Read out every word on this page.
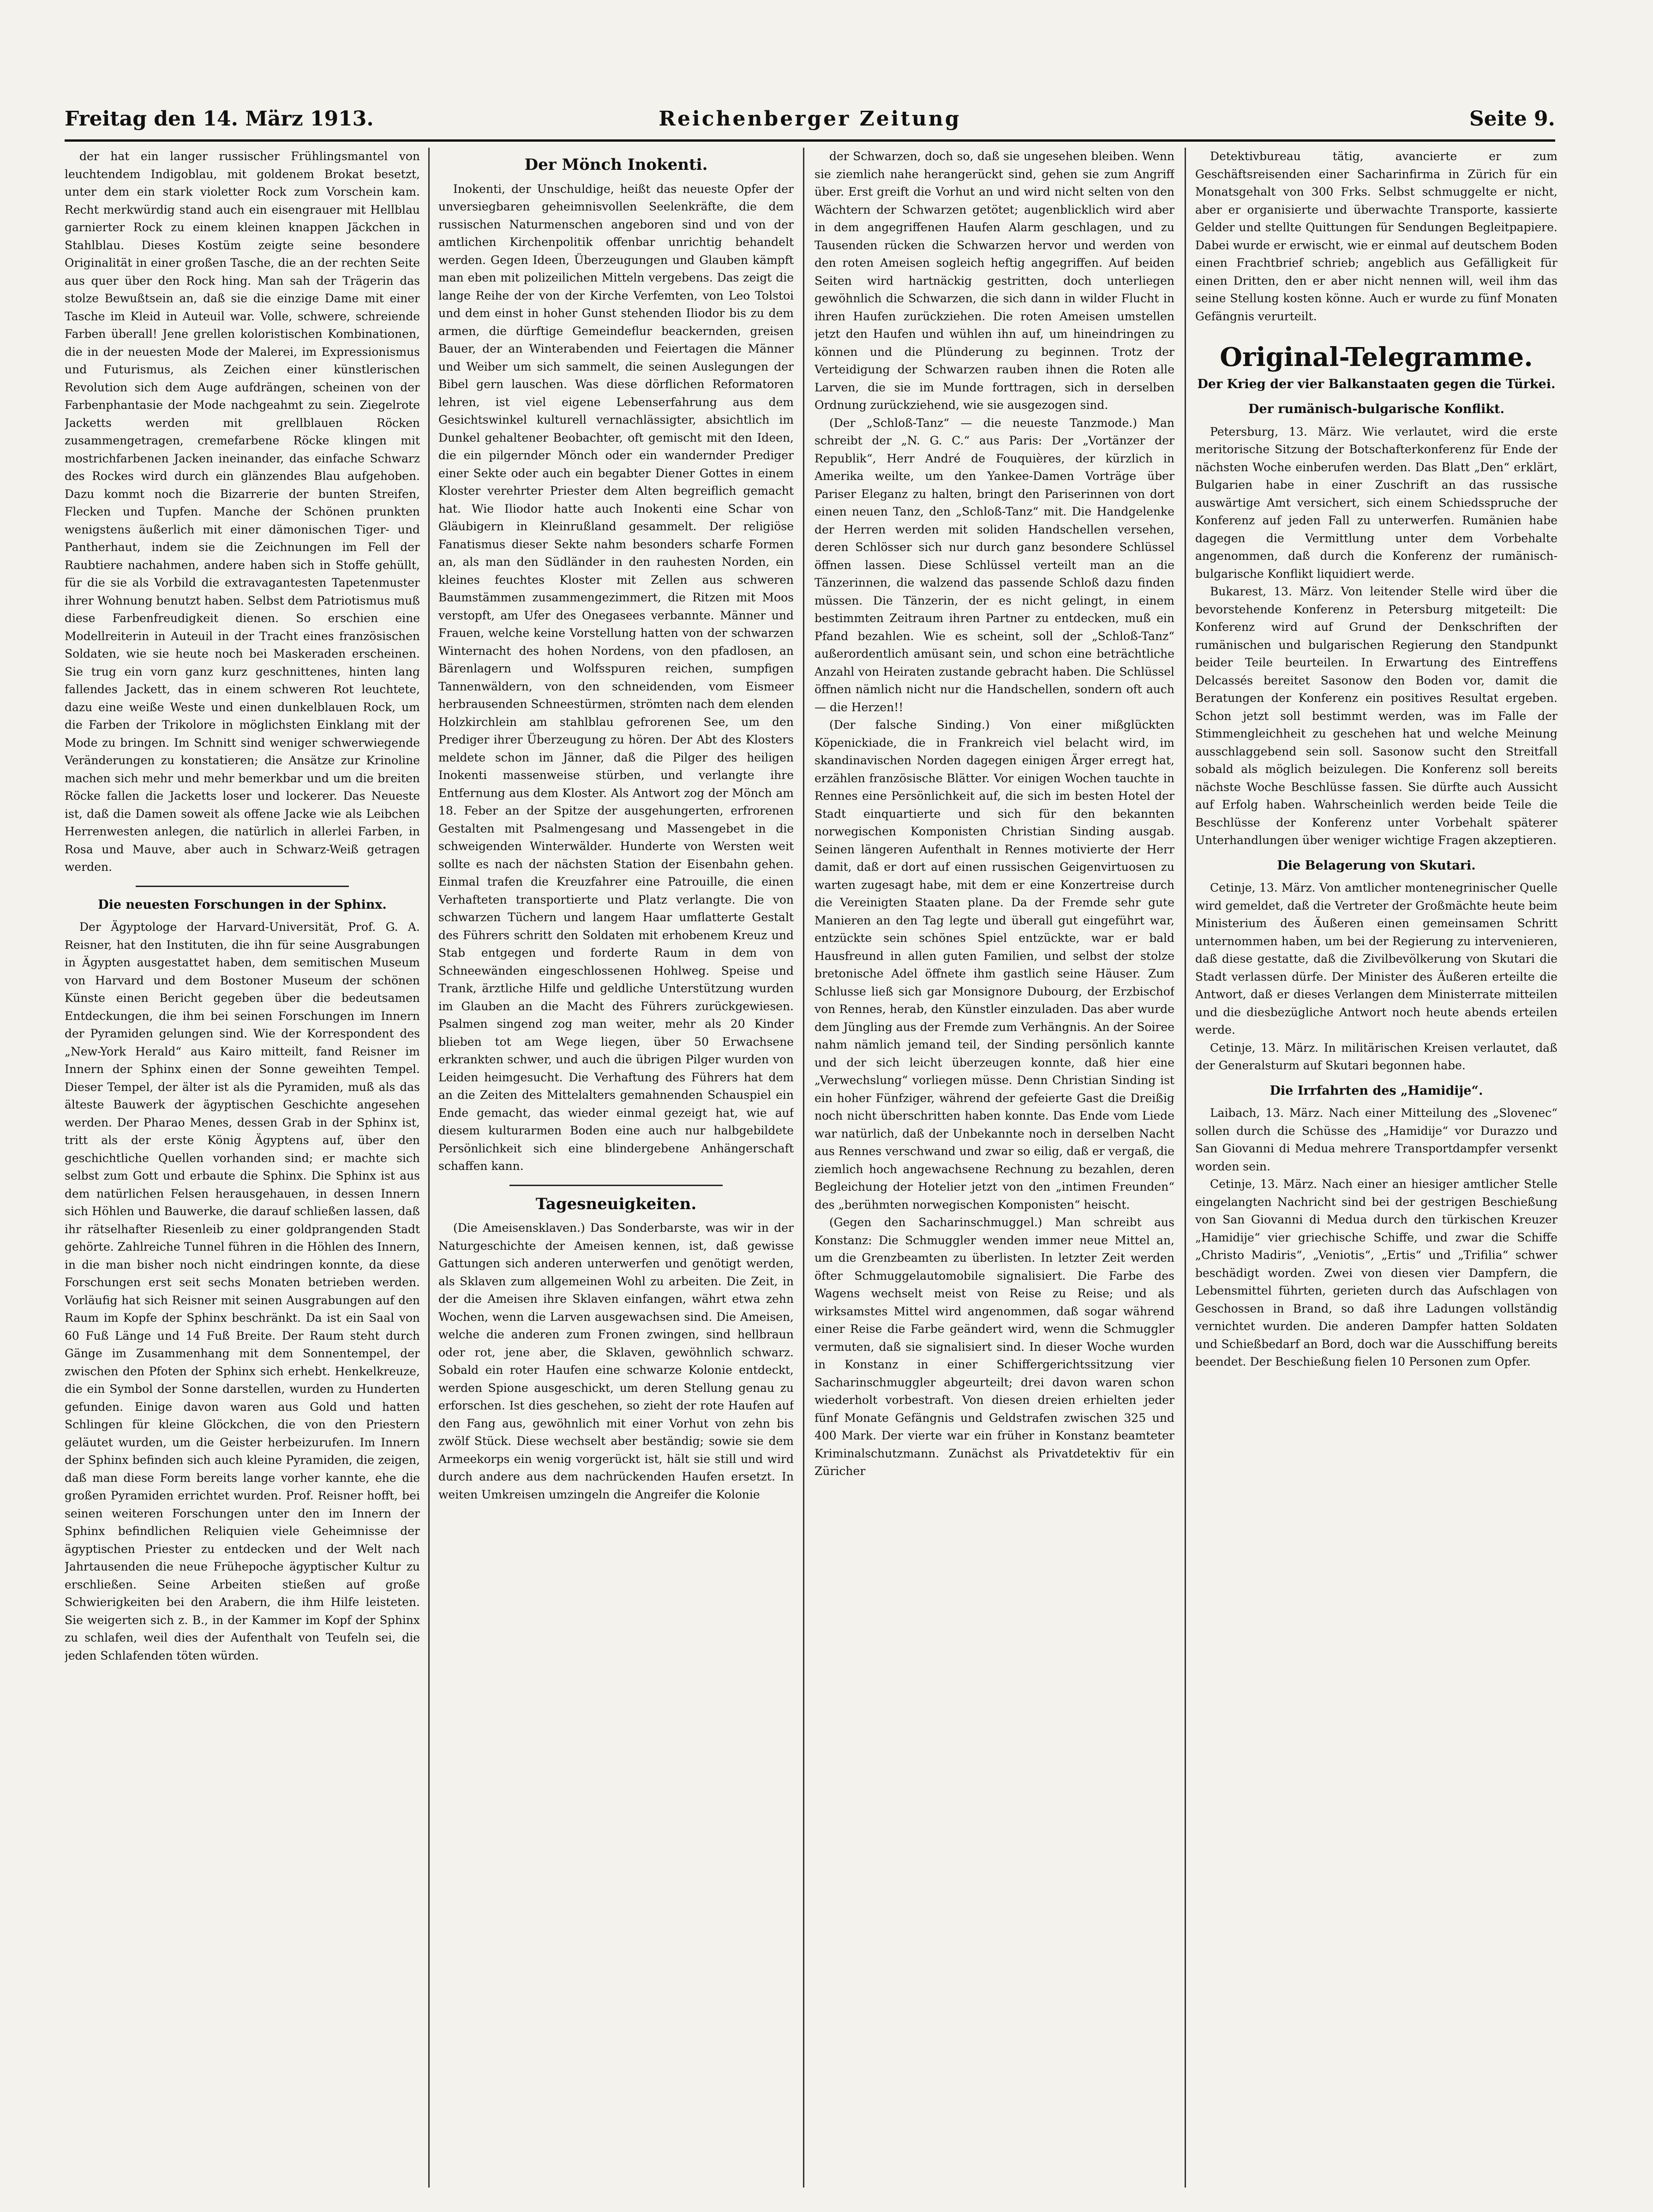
Freitag den 14. März 1913.	Reichenberger Zeitung	Seite 9.

der hat ein langer russischer Frühlingsmantel von leuchtendem Indigoblau, mit goldenem Brokat besetzt, unter dem ein stark violetter Rock zum Vorschein kam. Recht merkwürdig stand auch ein eisengrauer mit Hellblau garnierter Rock zu einem kleinen knappen Jäckchen in Stahlblau. Dieses Kostüm zeigte seine besondere Originalität in einer großen Tasche, die an der rechten Seite aus quer über den Rock hing. Man sah der Trägerin das stolze Bewußtsein an, daß sie die einzige Dame mit einer Tasche im Kleid in Auteuil war. Volle, schwere, schreiende Farben überall! Jene grellen koloristischen Kombinationen, die in der neuesten Mode der Malerei, im Expressionismus und Futurismus, als Zeichen einer künstlerischen Revolution sich dem Auge aufdrängen, scheinen von der Farbenphantasie der Mode nachgeahmt zu sein. Ziegelrote Jacketts werden mit grellblauen Röcken zusammengetragen, cremefarbene Röcke klingen mit mostrichfarbenen Jacken ineinander, das einfache Schwarz des Rockes wird durch ein glänzendes Blau aufgehoben. Dazu kommt noch die Bizarrerie der bunten Streifen, Flecken und Tupfen. Manche der Schönen prunkten wenigstens äußerlich mit einer dämonischen Tiger- und Pantherhaut, indem sie die Zeichnungen im Fell der Raubtiere nachahmen, andere haben sich in Stoffe gehüllt, für die sie als Vorbild die extravagantesten Tapetenmuster ihrer Wohnung benutzt haben. Selbst dem Patriotismus muß diese Farbenfreudigkeit dienen. So erschien eine Modellreiterin in Auteuil in der Tracht eines französischen Soldaten, wie sie heute noch bei Maskeraden erscheinen. Sie trug ein vorn ganz kurz geschnittenes, hinten lang fallendes Jackett, das in einem schweren Rot leuchtete, dazu eine weiße Weste und einen dunkelblauen Rock, um die Farben der Trikolore in möglichsten Einklang mit der Mode zu bringen. Im Schnitt sind weniger schwerwiegende Veränderungen zu konstatieren; die Ansätze zur Krinoline machen sich mehr und mehr bemerkbar und um die breiten Röcke fallen die Jacketts loser und lockerer. Das Neueste ist, daß die Damen soweit als offene Jacke wie als Leibchen Herrenwesten anlegen, die natürlich in allerlei Farben, in Rosa und Mauve, aber auch in Schwarz-Weiß getragen werden.

Die neuesten Forschungen in der Sphinx.

Der Ägyptologe der Harvard-Universität, Prof. G. A. Reisner, hat den Instituten, die ihn für seine Ausgrabungen in Ägypten ausgestattet haben, dem semitischen Museum von Harvard und dem Bostoner Museum der schönen Künste einen Bericht gegeben über die bedeutsamen Entdeckungen, die ihm bei seinen Forschungen im Innern der Pyramiden gelungen sind. Wie der Korrespondent des „New-York Herald“ aus Kairo mitteilt, fand Reisner im Innern der Sphinx einen der Sonne geweihten Tempel. Dieser Tempel, der älter ist als die Pyramiden, muß als das älteste Bauwerk der ägyptischen Geschichte angesehen werden. Der Pharao Menes, dessen Grab in der Sphinx ist, tritt als der erste König Ägyptens auf, über den geschichtliche Quellen vorhanden sind; er machte sich selbst zum Gott und erbaute die Sphinx. Die Sphinx ist aus dem natürlichen Felsen herausgehauen, in dessen Innern sich Höhlen und Bauwerke, die darauf schließen lassen, daß ihr rätselhafter Riesenleib zu einer goldprangenden Stadt gehörte. Zahlreiche Tunnel führen in die Höhlen des Innern, in die man bisher noch nicht eindringen konnte, da diese Forschungen erst seit sechs Monaten betrieben werden. Vorläufig hat sich Reisner mit seinen Ausgrabungen auf den Raum im Kopfe der Sphinx beschränkt. Da ist ein Saal von 60 Fuß Länge und 14 Fuß Breite. Der Raum steht durch Gänge im Zusammenhang mit dem Sonnentempel, der zwischen den Pfoten der Sphinx sich erhebt. Henkelkreuze, die ein Symbol der Sonne darstellen, wurden zu Hunderten gefunden. Einige davon waren aus Gold und hatten Schlingen für kleine Glöckchen, die von den Priestern geläutet wurden, um die Geister herbeizurufen. Im Innern der Sphinx befinden sich auch kleine Pyramiden, die zeigen, daß man diese Form bereits lange vorher kannte, ehe die großen Pyramiden errichtet wurden. Prof. Reisner hofft, bei seinen weiteren Forschungen unter den im Innern der Sphinx befindlichen Reliquien viele Geheimnisse der ägyptischen Priester zu entdecken und der Welt nach Jahrtausenden die neue Frühepoche ägyptischer Kultur zu erschließen. Seine Arbeiten stießen auf große Schwierigkeiten bei den Arabern, die ihm Hilfe leisteten. Sie weigerten sich z. B., in der Kammer im Kopf der Sphinx zu schlafen, weil dies der Aufenthalt von Teufeln sei, die jeden Schlafenden töten würden.

Der Mönch Inokenti.

Inokenti, der Unschuldige, heißt das neueste Opfer der unversiegbaren geheimnisvollen Seelenkräfte, die dem russischen Naturmenschen angeboren sind und von der amtlichen Kirchenpolitik offenbar unrichtig behandelt werden. Gegen Ideen, Überzeugungen und Glauben kämpft man eben mit polizeilichen Mitteln vergebens. Das zeigt die lange Reihe der von der Kirche Verfemten, von Leo Tolstoi und dem einst in hoher Gunst stehenden Iliodor bis zu dem armen, die dürftige Gemeindeflur beackernden, greisen Bauer, der an Winterabenden und Feiertagen die Männer und Weiber um sich sammelt, die seinen Auslegungen der Bibel gern lauschen. Was diese dörflichen Reformatoren lehren, ist viel eigene Lebenserfahrung aus dem Gesichtswinkel kulturell vernachlässigter, absichtlich im Dunkel gehaltener Beobachter, oft gemischt mit den Ideen, die ein pilgernder Mönch oder ein wandernder Prediger einer Sekte oder auch ein begabter Diener Gottes in einem Kloster verehrter Priester dem Alten begreiflich gemacht hat. Wie Iliodor hatte auch Inokenti eine Schar von Gläubigern in Kleinrußland gesammelt. Der religiöse Fanatismus dieser Sekte nahm besonders scharfe Formen an, als man den Südländer in den rauhesten Norden, ein kleines feuchtes Kloster mit Zellen aus schweren Baumstämmen zusammengezimmert, die Ritzen mit Moos verstopft, am Ufer des Onegasees verbannte. Männer und Frauen, welche keine Vorstellung hatten von der schwarzen Winternacht des hohen Nordens, von den pfadlosen, an Bärenlagern und Wolfsspuren reichen, sumpfigen Tannenwäldern, von den schneidenden, vom Eismeer herbrausenden Schneestürmen, strömten nach dem elenden Holzkirchlein am stahlblau gefrorenen See, um den Prediger ihrer Überzeugung zu hören. Der Abt des Klosters meldete schon im Jänner, daß die Pilger des heiligen Inokenti massenweise stürben, und verlangte ihre Entfernung aus dem Kloster. Als Antwort zog der Mönch am 18. Feber an der Spitze der ausgehungerten, erfrorenen Gestalten mit Psalmengesang und Massengebet in die schweigenden Winterwälder. Hunderte von Wersten weit sollte es nach der nächsten Station der Eisenbahn gehen. Einmal trafen die Kreuzfahrer eine Patrouille, die einen Verhafteten transportierte und Platz verlangte. Die von schwarzen Tüchern und langem Haar umflatterte Gestalt des Führers schritt den Soldaten mit erhobenem Kreuz und Stab entgegen und forderte Raum in dem von Schneewänden eingeschlossenen Hohlweg. Speise und Trank, ärztliche Hilfe und geldliche Unterstützung wurden im Glauben an die Macht des Führers zurückgewiesen. Psalmen singend zog man weiter, mehr als 20 Kinder blieben tot am Wege liegen, über 50 Erwachsene erkrankten schwer, und auch die übrigen Pilger wurden von Leiden heimgesucht. Die Verhaftung des Führers hat dem an die Zeiten des Mittelalters gemahnenden Schauspiel ein Ende gemacht, das wieder einmal gezeigt hat, wie auf diesem kulturarmen Boden eine auch nur halbgebildete Persönlichkeit sich eine blindergebene Anhängerschaft schaffen kann.

Tagesneuigkeiten.

(Die Ameisensklaven.) Das Sonderbarste, was wir in der Naturgeschichte der Ameisen kennen, ist, daß gewisse Gattungen sich anderen unterwerfen und genötigt werden, als Sklaven zum allgemeinen Wohl zu arbeiten. Die Zeit, in der die Ameisen ihre Sklaven einfangen, währt etwa zehn Wochen, wenn die Larven ausgewachsen sind. Die Ameisen, welche die anderen zum Fronen zwingen, sind hellbraun oder rot, jene aber, die Sklaven, gewöhnlich schwarz. Sobald ein roter Haufen eine schwarze Kolonie entdeckt, werden Spione ausgeschickt, um deren Stellung genau zu erforschen. Ist dies geschehen, so zieht der rote Haufen auf den Fang aus, gewöhnlich mit einer Vorhut von zehn bis zwölf Stück. Diese wechselt aber beständig; sowie sie dem Armeekorps ein wenig vorgerückt ist, hält sie still und wird durch andere aus dem nachrückenden Haufen ersetzt. In weiten Umkreisen umzingeln die Angreifer die Kolonie

der Schwarzen, doch so, daß sie ungesehen bleiben. Wenn sie ziemlich nahe herangerückt sind, gehen sie zum Angriff über. Erst greift die Vorhut an und wird nicht selten von den Wächtern der Schwarzen getötet; augenblicklich wird aber in dem angegriffenen Haufen Alarm geschlagen, und zu Tausenden rücken die Schwarzen hervor und werden von den roten Ameisen sogleich heftig angegriffen. Auf beiden Seiten wird hartnäckig gestritten, doch unterliegen gewöhnlich die Schwarzen, die sich dann in wilder Flucht in ihren Haufen zurückziehen. Die roten Ameisen umstellen jetzt den Haufen und wühlen ihn auf, um hineindringen zu können und die Plünderung zu beginnen. Trotz der Verteidigung der Schwarzen rauben ihnen die Roten alle Larven, die sie im Munde forttragen, sich in derselben Ordnung zurückziehend, wie sie ausgezogen sind.

(Der „Schloß-Tanz“ — die neueste Tanzmode.) Man schreibt der „N. G. C.“ aus Paris: Der „Vortänzer der Republik“, Herr André de Fouquières, der kürzlich in Amerika weilte, um den Yankee-Damen Vorträge über Pariser Eleganz zu halten, bringt den Pariserinnen von dort einen neuen Tanz, den „Schloß-Tanz“ mit. Die Handgelenke der Herren werden mit soliden Handschellen versehen, deren Schlösser sich nur durch ganz besondere Schlüssel öffnen lassen. Diese Schlüssel verteilt man an die Tänzerinnen, die walzend das passende Schloß dazu finden müssen. Die Tänzerin, der es nicht gelingt, in einem bestimmten Zeitraum ihren Partner zu entdecken, muß ein Pfand bezahlen. Wie es scheint, soll der „Schloß-Tanz“ außerordentlich amüsant sein, und schon eine beträchtliche Anzahl von Heiraten zustande gebracht haben. Die Schlüssel öffnen nämlich nicht nur die Handschellen, sondern oft auch — die Herzen!!

(Der falsche Sinding.) Von einer mißglückten Köpenickiade, die in Frankreich viel belacht wird, im skandinavischen Norden dagegen einigen Ärger erregt hat, erzählen französische Blätter. Vor einigen Wochen tauchte in Rennes eine Persönlichkeit auf, die sich im besten Hotel der Stadt einquartierte und sich für den bekannten norwegischen Komponisten Christian Sinding ausgab. Seinen längeren Aufenthalt in Rennes motivierte der Herr damit, daß er dort auf einen russischen Geigenvirtuosen zu warten zugesagt habe, mit dem er eine Konzertreise durch die Vereinigten Staaten plane. Da der Fremde sehr gute Manieren an den Tag legte und überall gut eingeführt war, entzückte sein schönes Spiel entzückte, war er bald Hausfreund in allen guten Familien, und selbst der stolze bretonische Adel öffnete ihm gastlich seine Häuser. Zum Schlusse ließ sich gar Monsignore Dubourg, der Erzbischof von Rennes, herab, den Künstler einzuladen. Das aber wurde dem Jüngling aus der Fremde zum Verhängnis. An der Soiree nahm nämlich jemand teil, der Sinding persönlich kannte und der sich leicht überzeugen konnte, daß hier eine „Verwechslung“ vorliegen müsse. Denn Christian Sinding ist ein hoher Fünfziger, während der gefeierte Gast die Dreißig noch nicht überschritten haben konnte. Das Ende vom Liede war natürlich, daß der Unbekannte noch in derselben Nacht aus Rennes verschwand und zwar so eilig, daß er vergaß, die ziemlich hoch angewachsene Rechnung zu bezahlen, deren Begleichung der Hotelier jetzt von den „intimen Freunden“ des „berühmten norwegischen Komponisten“ heischt.

(Gegen den Sacharinschmuggel.) Man schreibt aus Konstanz: Die Schmuggler wenden immer neue Mittel an, um die Grenzbeamten zu überlisten. In letzter Zeit werden öfter Schmuggelautomobile signalisiert. Die Farbe des Wagens wechselt meist von Reise zu Reise; und als wirksamstes Mittel wird angenommen, daß sogar während einer Reise die Farbe geändert wird, wenn die Schmuggler vermuten, daß sie signalisiert sind. In dieser Woche wurden in Konstanz in einer Schiffergerichtssitzung vier Sacharinschmuggler abgeurteilt; drei davon waren schon wiederholt vorbestraft. Von diesen dreien erhielten jeder fünf Monate Gefängnis und Geldstrafen zwischen 325 und 400 Mark. Der vierte war ein früher in Konstanz beamteter Kriminalschutzmann. Zunächst als Privatdetektiv für ein Züricher

Detektivbureau tätig, avancierte er zum Geschäftsreisenden einer Sacharinfirma in Zürich für ein Monatsgehalt von 300 Frks. Selbst schmuggelte er nicht, aber er organisierte und überwachte Transporte, kassierte Gelder und stellte Quittungen für Sendungen Begleitpapiere. Dabei wurde er erwischt, wie er einmal auf deutschem Boden einen Frachtbrief schrieb; angeblich aus Gefälligkeit für einen Dritten, den er aber nicht nennen will, weil ihm das seine Stellung kosten könne. Auch er wurde zu fünf Monaten Gefängnis verurteilt.

Original-Telegramme.
Der Krieg der vier Balkanstaaten gegen die Türkei.
Der rumänisch-bulgarische Konflikt.

Petersburg, 13. März. Wie verlautet, wird die erste meritorische Sitzung der Botschafterkonferenz für Ende der nächsten Woche einberufen werden. Das Blatt „Den“ erklärt, Bulgarien habe in einer Zuschrift an das russische auswärtige Amt versichert, sich einem Schiedsspruche der Konferenz auf jeden Fall zu unterwerfen. Rumänien habe dagegen die Vermittlung unter dem Vorbehalte angenommen, daß durch die Konferenz der rumänisch-bulgarische Konflikt liquidiert werde.

Bukarest, 13. März. Von leitender Stelle wird über die bevorstehende Konferenz in Petersburg mitgeteilt: Die Konferenz wird auf Grund der Denkschriften der rumänischen und bulgarischen Regierung den Standpunkt beider Teile beurteilen. In Erwartung des Eintreffens Delcassés bereitet Sasonow den Boden vor, damit die Beratungen der Konferenz ein positives Resultat ergeben. Schon jetzt soll bestimmt werden, was im Falle der Stimmengleichheit zu geschehen hat und welche Meinung ausschlaggebend sein soll. Sasonow sucht den Streitfall sobald als möglich beizulegen. Die Konferenz soll bereits nächste Woche Beschlüsse fassen. Sie dürfte auch Aussicht auf Erfolg haben. Wahrscheinlich werden beide Teile die Beschlüsse der Konferenz unter Vorbehalt späterer Unterhandlungen über weniger wichtige Fragen akzeptieren.

Die Belagerung von Skutari.

Cetinje, 13. März. Von amtlicher montenegrinischer Quelle wird gemeldet, daß die Vertreter der Großmächte heute beim Ministerium des Äußeren einen gemeinsamen Schritt unternommen haben, um bei der Regierung zu intervenieren, daß diese gestatte, daß die Zivilbevölkerung von Skutari die Stadt verlassen dürfe. Der Minister des Äußeren erteilte die Antwort, daß er dieses Verlangen dem Ministerrate mitteilen und die diesbezügliche Antwort noch heute abends erteilen werde.

Cetinje, 13. März. In militärischen Kreisen verlautet, daß der Generalsturm auf Skutari begonnen habe.

Die Irrfahrten des „Hamidije“.

Laibach, 13. März. Nach einer Mitteilung des „Slovenec“ sollen durch die Schüsse des „Hamidije“ vor Durazzo und San Giovanni di Medua mehrere Transportdampfer versenkt worden sein.

Cetinje, 13. März. Nach einer an hiesiger amtlicher Stelle eingelangten Nachricht sind bei der gestrigen Beschießung von San Giovanni di Medua durch den türkischen Kreuzer „Hamidije“ vier griechische Schiffe, und zwar die Schiffe „Christo Madiris“, „Veniotis“, „Ertis“ und „Trifilia“ schwer beschädigt worden. Zwei von diesen vier Dampfern, die Lebensmittel führten, gerieten durch das Aufschlagen von Geschossen in Brand, so daß ihre Ladungen vollständig vernichtet wurden. Die anderen Dampfer hatten Soldaten und Schießbedarf an Bord, doch war die Ausschiffung bereits beendet. Der Beschießung fielen 10 Personen zum Opfer.
